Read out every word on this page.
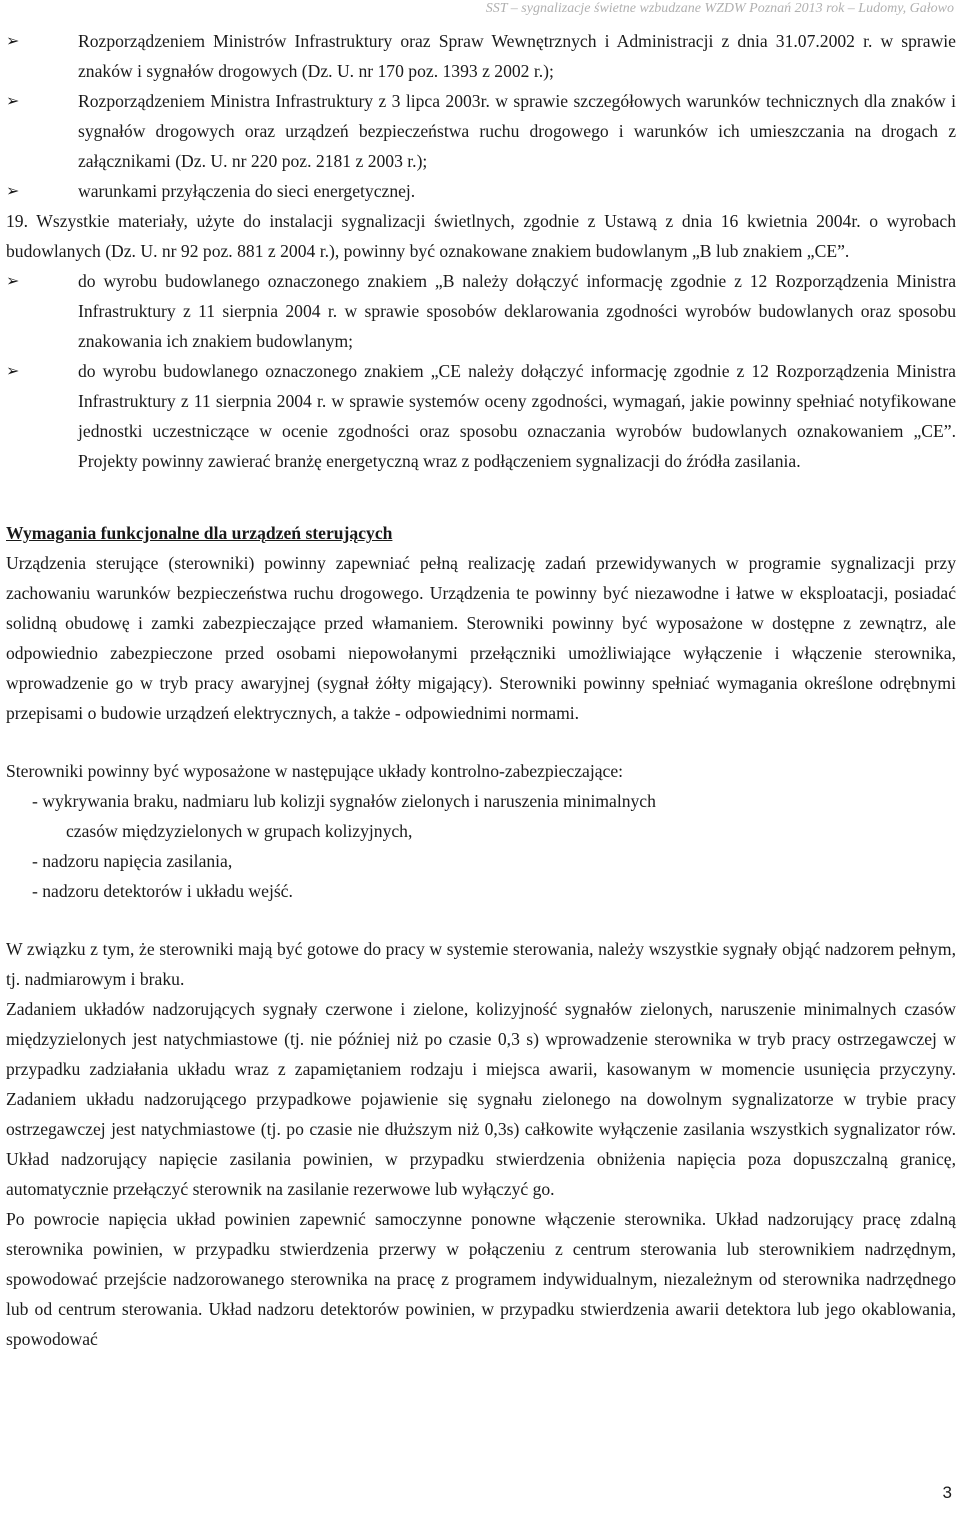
SST – sygnalizacje świetne wzbudzane WZDW Poznań 2013 rok – Ludomy, Gałowo
➢	Rozporządzeniem Ministrów Infrastruktury oraz Spraw Wewnętrznych i Administracji z dnia 31.07.2002 r. w sprawie znaków i sygnałów drogowych (Dz. U. nr 170 poz. 1393 z 2002 r.);
➢	Rozporządzeniem Ministra Infrastruktury z 3 lipca 2003r. w sprawie szczegółowych warunków technicznych dla znaków i sygnałów drogowych oraz urządzeń bezpieczeństwa ruchu drogowego i warunków ich umieszczania na drogach z załącznikami (Dz. U. nr 220 poz. 2181 z 2003 r.);
➢	warunkami przyłączenia do sieci energetycznej.
19. Wszystkie materiały, użyte do instalacji sygnalizacji świetlnych, zgodnie z Ustawą z dnia 16 kwietnia 2004r. o wyrobach budowlanych (Dz. U. nr 92 poz. 881 z 2004 r.), powinny być oznakowane znakiem budowlanym „B lub znakiem „CE”.
➢	do wyrobu budowlanego oznaczonego znakiem „B należy dołączyć informację zgodnie z 12 Rozporządzenia Ministra Infrastruktury z 11 sierpnia 2004 r. w sprawie sposobów deklarowania zgodności wyrobów budowlanych oraz sposobu znakowania ich znakiem budowlanym;
➢	do wyrobu budowlanego oznaczonego znakiem „CE należy dołączyć informację zgodnie z 12 Rozporządzenia Ministra Infrastruktury z 11 sierpnia 2004 r. w sprawie systemów oceny zgodności, wymagań, jakie powinny spełniać notyfikowane jednostki uczestniczące w ocenie zgodności oraz sposobu oznaczania wyrobów budowlanych oznakowaniem „CE”. Projekty powinny zawierać branżę energetyczną wraz z podłączeniem sygnalizacji do źródła zasilania.
Wymagania funkcjonalne dla urządzeń sterujących
Urządzenia sterujące (sterowniki) powinny zapewniać pełną realizację zadań przewidywanych w programie sygnalizacji przy zachowaniu warunków bezpieczeństwa ruchu drogowego. Urządzenia te powinny być niezawodne i łatwe w eksploatacji, posiadać solidną obudowę i zamki zabezpieczające przed włamaniem. Sterowniki powinny być wyposażone w dostępne z zewnątrz, ale odpowiednio zabezpieczone przed osobami niepowołanymi przełączniki umożliwiające wyłączenie i włączenie sterownika, wprowadzenie go w tryb pracy awaryjnej (sygnał żółty migający). Sterowniki powinny spełniać wymagania określone odrębnymi przepisami o budowie urządzeń elektrycznych, a także - odpowiednimi normami.
Sterowniki powinny być wyposażone w następujące układy kontrolno-zabezpieczające:
- wykrywania braku, nadmiaru lub kolizji sygnałów zielonych i naruszenia minimalnych
czasów międzyzielonych w grupach kolizyjnych,
- nadzoru napięcia zasilania,
- nadzoru detektorów i układu wejść.
W związku z tym, że sterowniki mają być gotowe do pracy w systemie sterowania, należy wszystkie sygnały objąć nadzorem pełnym, tj. nadmiarowym i braku.
Zadaniem układów nadzorujących sygnały czerwone i zielone, kolizyjność sygnałów zielonych, naruszenie minimalnych czasów międzyzielonych jest natychmiastowe (tj. nie później niż po czasie 0,3 s) wprowadzenie sterownika w tryb pracy ostrzegawczej w przypadku zadziałania układu wraz z zapamiętaniem rodzaju i miejsca awarii, kasowanym w momencie usunięcia przyczyny. Zadaniem układu nadzorującego przypadkowe pojawienie się sygnału zielonego na dowolnym sygnalizatorze w trybie pracy ostrzegawczej jest natychmiastowe (tj. po czasie nie dłuższym niż 0,3s) całkowite wyłączenie zasilania wszystkich sygnalizator rów. Układ nadzorujący napięcie zasilania powinien, w przypadku stwierdzenia obniżenia napięcia poza dopuszczalną granicę, automatycznie przełączyć sterownik na zasilanie rezerwowe lub wyłączyć go.
Po powrocie napięcia układ powinien zapewnić samoczynne ponowne włączenie sterownika. Układ nadzorujący pracę zdalną sterownika powinien, w przypadku stwierdzenia przerwy w połączeniu z centrum sterowania lub sterownikiem nadrzędnym, spowodować przejście nadzorowanego sterownika na pracę z programem indywidualnym, niezależnym od sterownika nadrzędnego lub od centrum sterowania. Układ nadzoru detektorów powinien, w przypadku stwierdzenia awarii detektora lub jego okablowania, spowodować
3
